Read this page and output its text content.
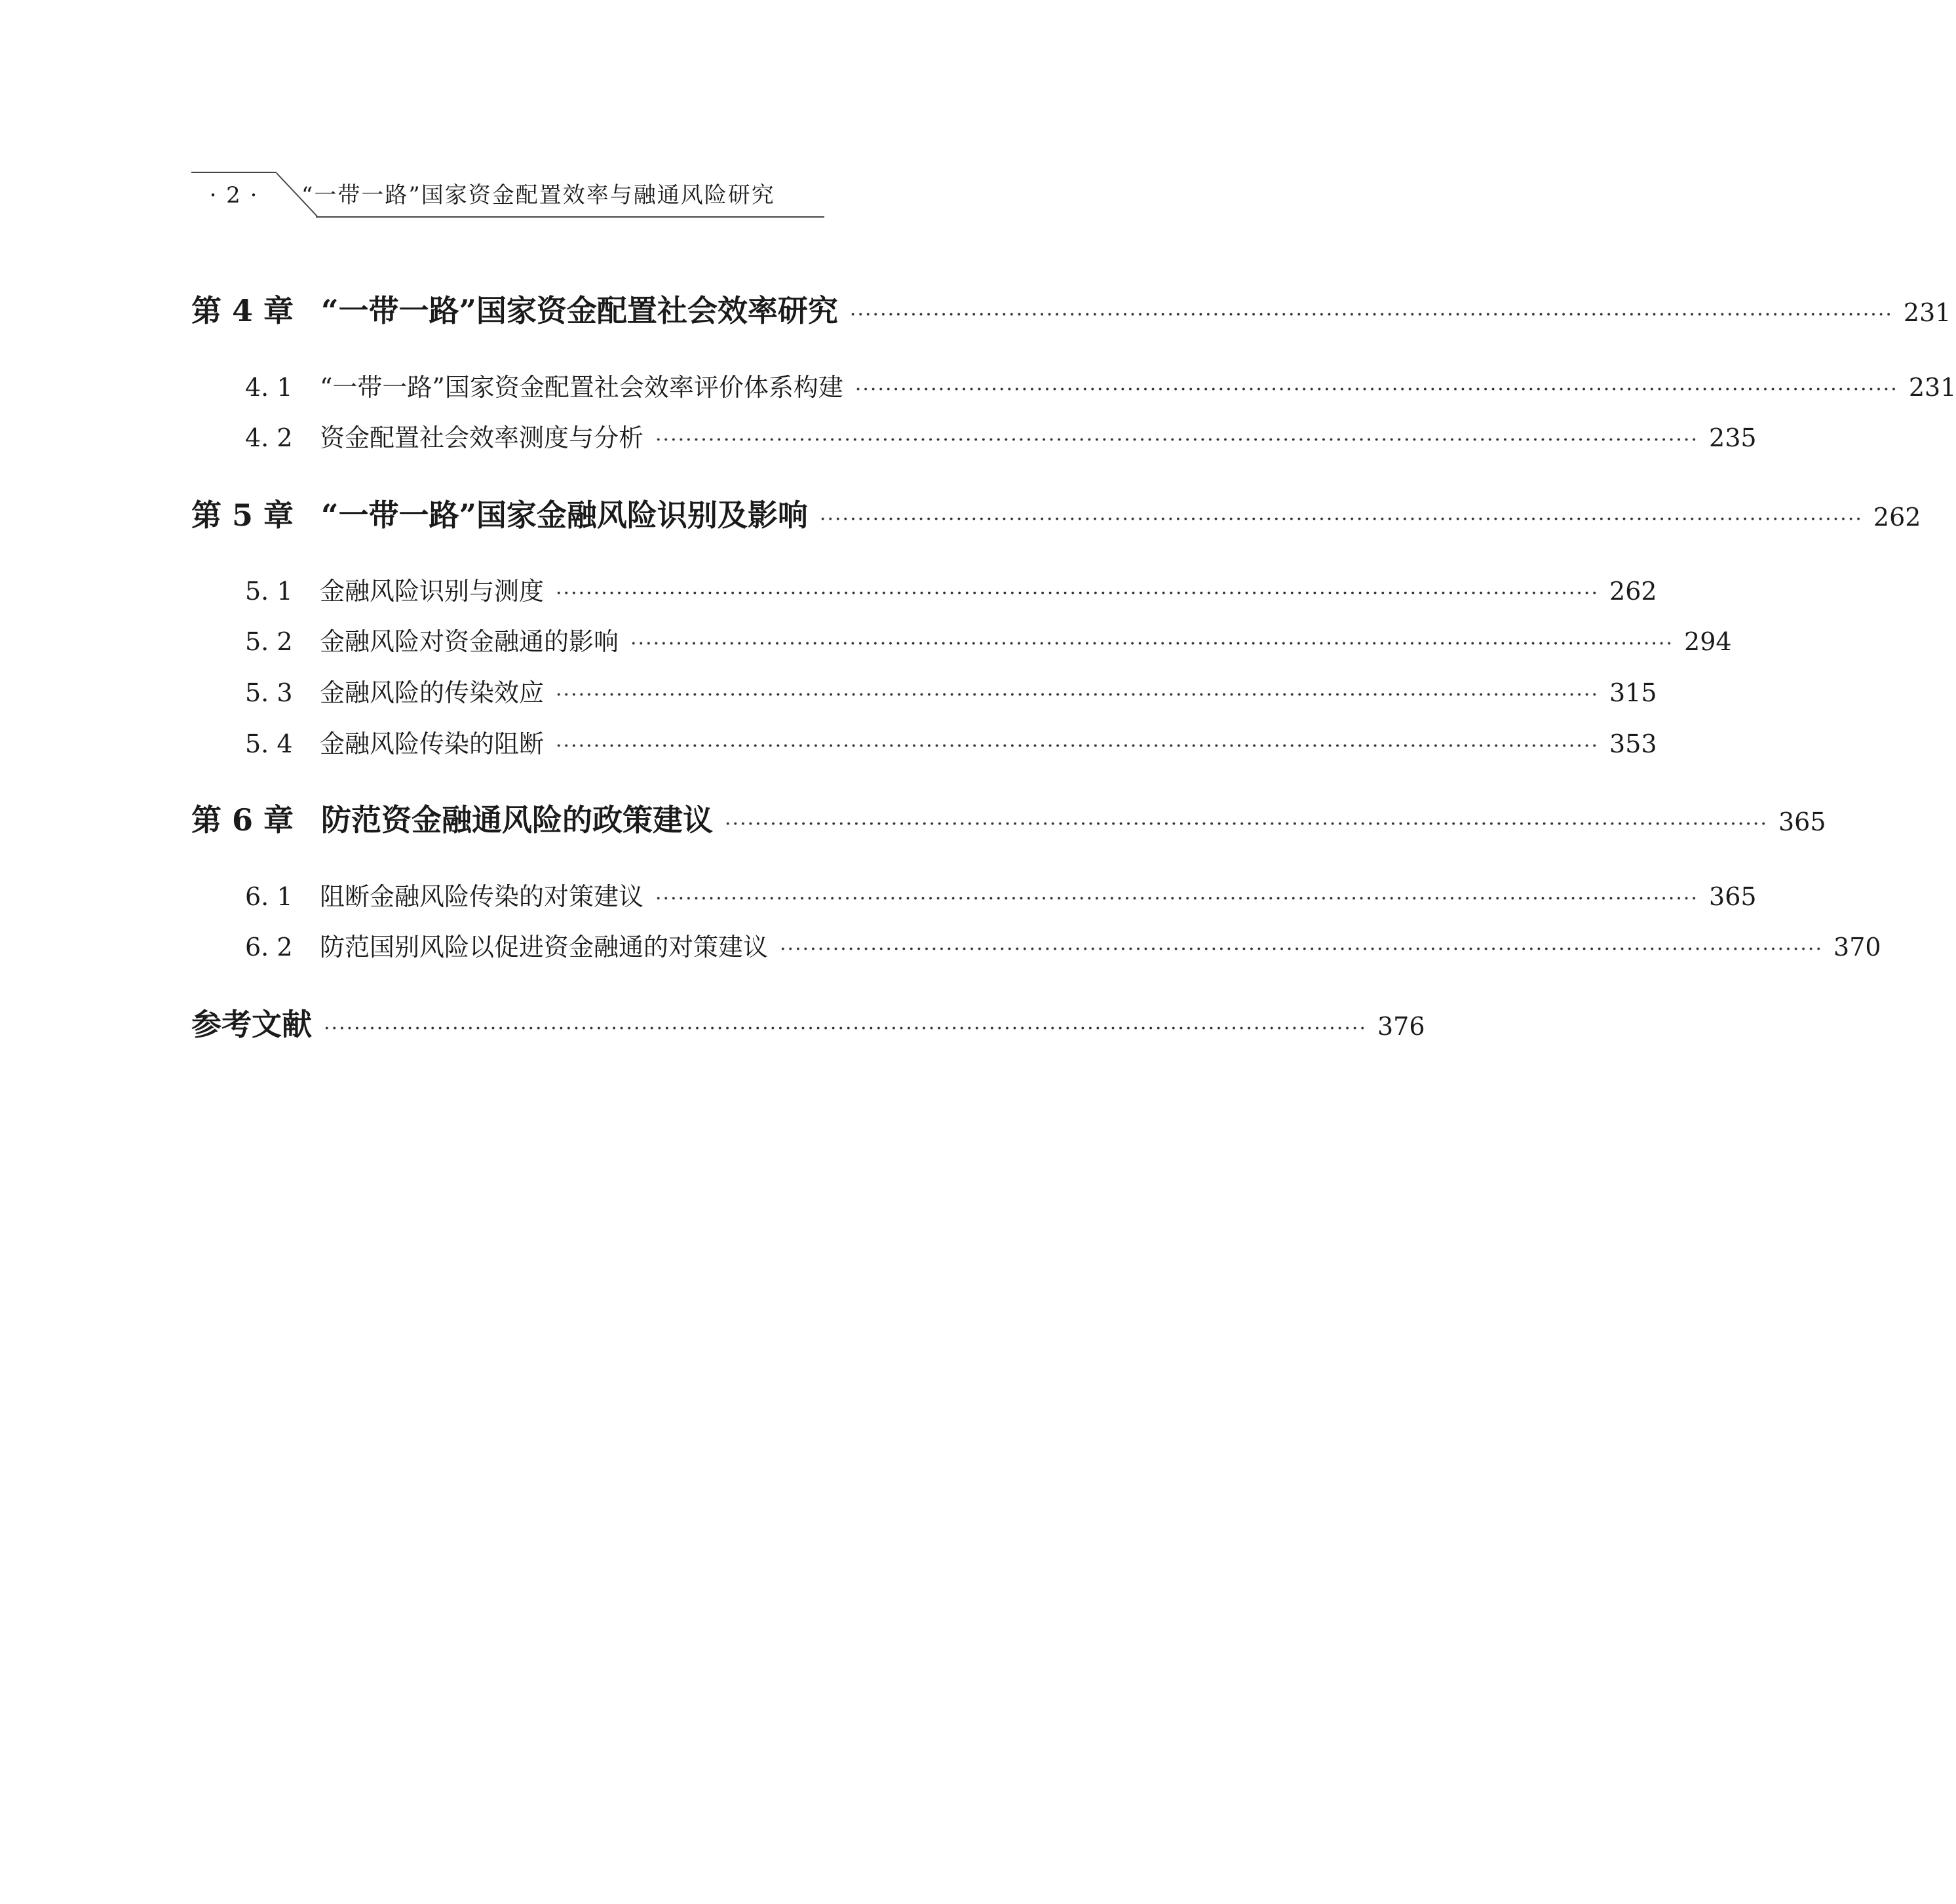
· 2 ·	“一带一路”国家资金配置效率与融通风险研究
第 4 章 “一带一路”国家资金配置社会效率研究 ·········································································································································· 231
4. 1	“一带一路”国家资金配置社会效率评价体系构建 ·········································································································································· 231
4. 2	资金配置社会效率测度与分析 ·········································································································································· 235
第 5 章 “一带一路”国家金融风险识别及影响 ·········································································································································· 262
5. 1	金融风险识别与测度 ·········································································································································· 262
5. 2	金融风险对资金融通的影响 ·········································································································································· 294
5. 3	金融风险的传染效应 ·········································································································································· 315
5. 4	金融风险传染的阻断 ·········································································································································· 353
第 6 章 防范资金融通风险的政策建议 ·········································································································································· 365
6. 1	阻断金融风险传染的对策建议 ·········································································································································· 365
6. 2	防范国别风险以促进资金融通的对策建议 ·········································································································································· 370
参考文献 ·········································································································································· 376
